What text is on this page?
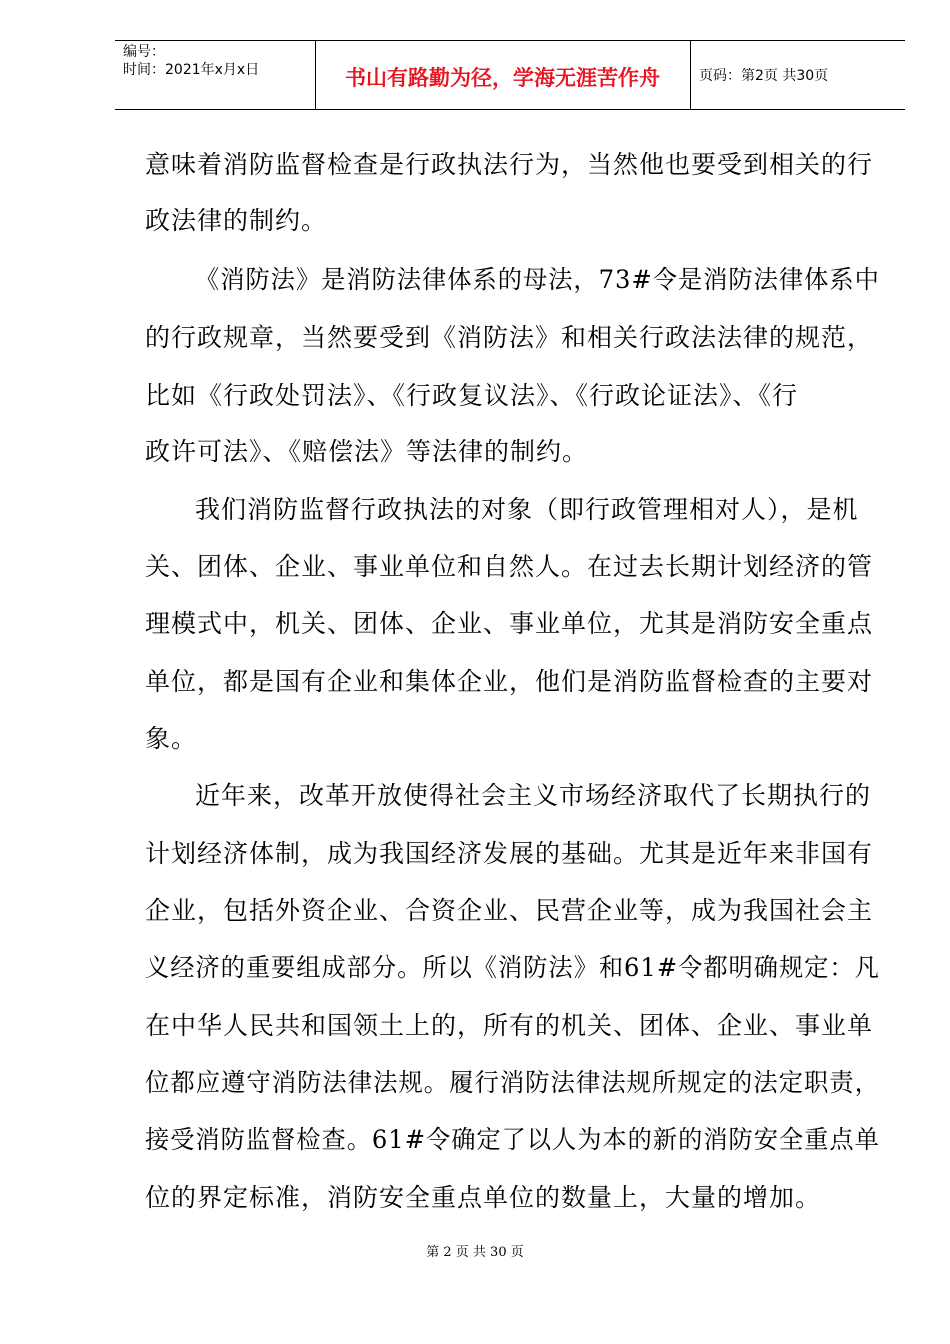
编号：
时间：2021年x月x日	书山有路勤为径，学海无涯苦作舟	页码：第2页 共30页
意味着消防监督检查是行政执法行为，当然他也要受到相关的行
政法律的制约。
《消防法》是消防法律体系的母法，73#令是消防法律体系中
的行政规章，当然要受到《消防法》和相关行政法法律的规范，
比如《行政处罚法》、《行政复议法》、《行政论证法》、《行
政许可法》、《赔偿法》等法律的制约。
我们消防监督行政执法的对象（即行政管理相对人），是机
关、团体、企业、事业单位和自然人。在过去长期计划经济的管
理模式中，机关、团体、企业、事业单位，尤其是消防安全重点
单位，都是国有企业和集体企业，他们是消防监督检查的主要对
象。
近年来，改革开放使得社会主义市场经济取代了长期执行的
计划经济体制，成为我国经济发展的基础。尤其是近年来非国有
企业，包括外资企业、合资企业、民营企业等，成为我国社会主
义经济的重要组成部分。所以《消防法》和61#令都明确规定：凡
在中华人民共和国领土上的，所有的机关、团体、企业、事业单
位都应遵守消防法律法规。履行消防法律法规所规定的法定职责，
接受消防监督检查。61#令确定了以人为本的新的消防安全重点单
位的界定标准，消防安全重点单位的数量上，大量的增加。
第 2 页 共 30 页
